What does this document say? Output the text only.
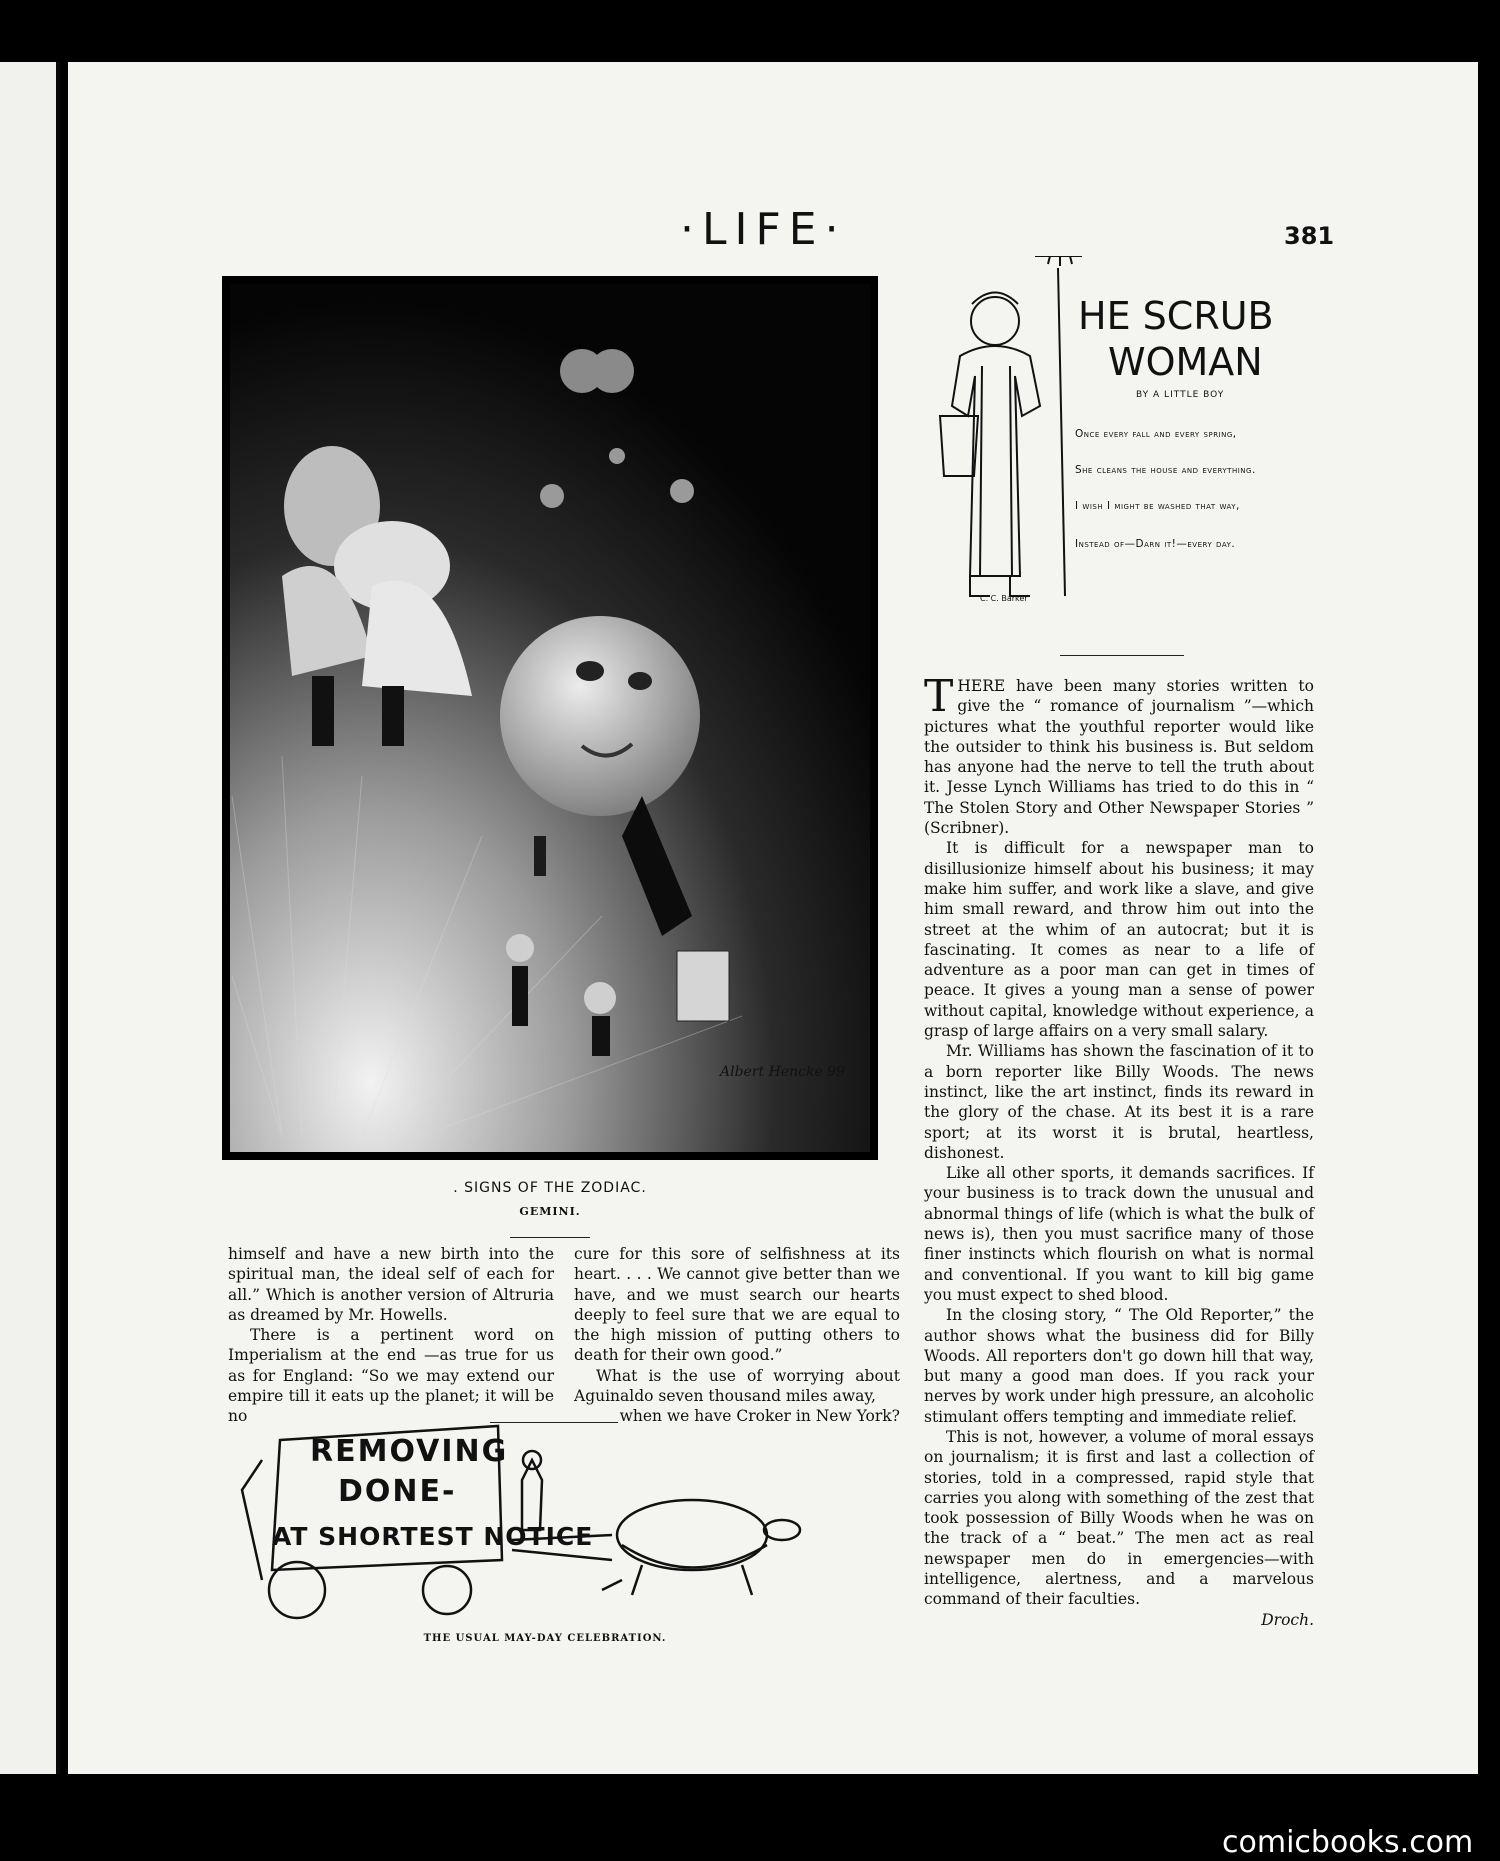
·LIFE·	381
Albert Hencke 99
. SIGNS OF THE ZODIAC.
GEMINI.
HE SCRUB
WOMAN
BY A LITTLE BOY
Once every fall and every spring,
She cleans the house and everything.
I wish I might be washed that way,
Instead of—Darn it!—every day.
C. C. Barker

THERE have been many stories written to give the “ romance of journalism ”—which pictures what the youthful reporter would like the outsider to think his business is. But seldom has anyone had the nerve to tell the truth about it. Jesse Lynch Williams has tried to do this in “ The Stolen Story and Other Newspaper Stories ” (Scribner).

It is difficult for a newspaper man to disillusionize himself about his business; it may make him suffer, and work like a slave, and give him small reward, and throw him out into the street at the whim of an autocrat; but it is fascinating. It comes as near to a life of adventure as a poor man can get in times of peace. It gives a young man a sense of power without capital, knowledge without experience, a grasp of large affairs on a very small salary.

Mr. Williams has shown the fascination of it to a born reporter like Billy Woods. The news instinct, like the art instinct, finds its reward in the glory of the chase. At its best it is a rare sport; at its worst it is brutal, heartless, dishonest.

Like all other sports, it demands sacrifices. If your business is to track down the unusual and abnormal things of life (which is what the bulk of news is), then you must sacrifice many of those finer instincts which flourish on what is normal and conventional. If you want to kill big game you must expect to shed blood.

In the closing story, “ The Old Reporter,” the author shows what the business did for Billy Woods. All reporters don't go down hill that way, but many a good man does. If you rack your nerves by work under high pressure, an alcoholic stimulant offers tempting and immediate relief.

This is not, however, a volume of moral essays on journalism; it is first and last a collection of stories, told in a compressed, rapid style that carries you along with something of the zest that took possession of Billy Woods when he was on the track of a “ beat.” The men act as real newspaper men do in emergencies—with intelligence, alertness, and a marvelous command of their faculties.

Droch.

himself and have a new birth into the spiritual man, the ideal self of each for all.” Which is another version of Altruria as dreamed by Mr. Howells.

There is a pertinent word on Imperialism at the end —as true for us as for England: “So we may extend our empire till it eats up the planet; it will be no

cure for this sore of selfishness at its heart. . . . We cannot give better than we have, and we must search our hearts deeply to feel sure that we are equal to the high mission of putting others to death for their own good.”

What is the use of worrying about Aguinaldo seven thousand miles away,

when we have Croker in New York?

REMOVING
DONE-
AT SHORTEST NOTICE
THE USUAL MAY-DAY CELEBRATION.
comicbooks.com
